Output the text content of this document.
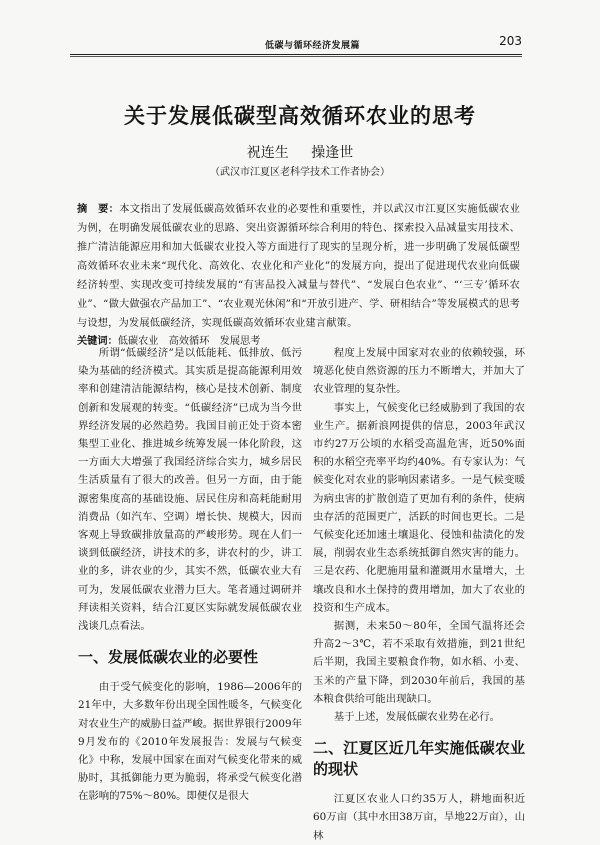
低碳与循环经济发展篇	203
关于发展低碳型高效循环农业的思考
祝连生 操逢世
（武汉市江夏区老科学技术工作者协会）
摘　要：本文指出了发展低碳高效循环农业的必要性和重要性，并以武汉市江夏区实施低碳农业为例，在明确发展低碳农业的思路、突出资源循环综合利用的特色、探索投入品减量实用技术、推广清洁能源应用和加大低碳农业投入等方面进行了现实的呈现分析，进一步明确了发展低碳型高效循环农业未来“现代化、高效化、农业化和产业化”的发展方向，提出了促进现代农业向低碳经济转型、实现改变可持续发展的“有害品投入减量与替代”、“发展白色农业”、“‘三专’循环农业”、“做大做强农产品加工”、“农业观光休闲”和“开放引进产、学、研相结合”等发展模式的思考与设想，为发展低碳经济，实现低碳高效循环农业建言献策。
关键词：低碳农业　高效循环　发展思考

所谓“低碳经济”是以低能耗、低排放、低污染为基础的经济模式。其实质是提高能源利用效率和创建清洁能源结构，核心是技术创新、制度创新和发展观的转变。“低碳经济”已成为当今世界经济发展的必然趋势。我国目前正处于资本密集型工业化、推进城乡统筹发展一体化阶段，这一方面大大增强了我国经济综合实力，城乡居民生活质量有了很大的改善。但另一方面，由于能源密集度高的基础设施、居民住房和高耗能耐用消费品（如汽车、空调）增长快、规模大，因而客观上导致碳排放量高的严峻形势。现在人们一谈到低碳经济，讲技术的多，讲农村的少，讲工业的多，讲农业的少，其实不然，低碳农业大有可为，发展低碳农业潜力巨大。笔者通过调研并拜读相关资料，结合江夏区实际就发展低碳农业浅谈几点看法。

一、发展低碳农业的必要性

由于受气候变化的影响，1986—2006年的21年中，大多数年份出现全国性暖冬，气候变化对农业生产的威胁日益严峻。据世界银行2009年9月发布的《2010年发展报告：发展与气候变化》中称，发展中国家在面对气候变化带来的威胁时，其抵御能力更为脆弱，将承受气候变化潜在影响的75%～80%。即便仅是很大

程度上发展中国家对农业的依赖较强，环境恶化使自然资源的压力不断增大，并加大了农业管理的复杂性。

事实上，气候变化已经威胁到了我国的农业生产。据新浪网提供的信息，2003年武汉市约27万公顷的水稻受高温危害，近50%面积的水稻空壳率平均约40%。有专家认为：气候变化对农业的影响因素诸多。一是气候变暖为病虫害的扩散创造了更加有利的条件，使病虫存活的范围更广，活跃的时间也更长。二是气候变化还加速土壤退化、侵蚀和盐渍化的发展，削弱农业生态系统抵御自然灾害的能力。三是农药、化肥施用量和灌溉用水量增大，土壤改良和水土保持的费用增加，加大了农业的投资和生产成本。

据测，未来50～80年，全国气温将还会升高2～3℃，若不采取有效措施，到21世纪后半期，我国主要粮食作物，如水稻、小麦、玉米的产量下降，到2030年前后，我国的基本粮食供给可能出现缺口。

基于上述，发展低碳农业势在必行。

二、江夏区近几年实施低碳农业的现状

江夏区农业人口约35万人，耕地面积近60万亩（其中水田38万亩，旱地22万亩），山林
